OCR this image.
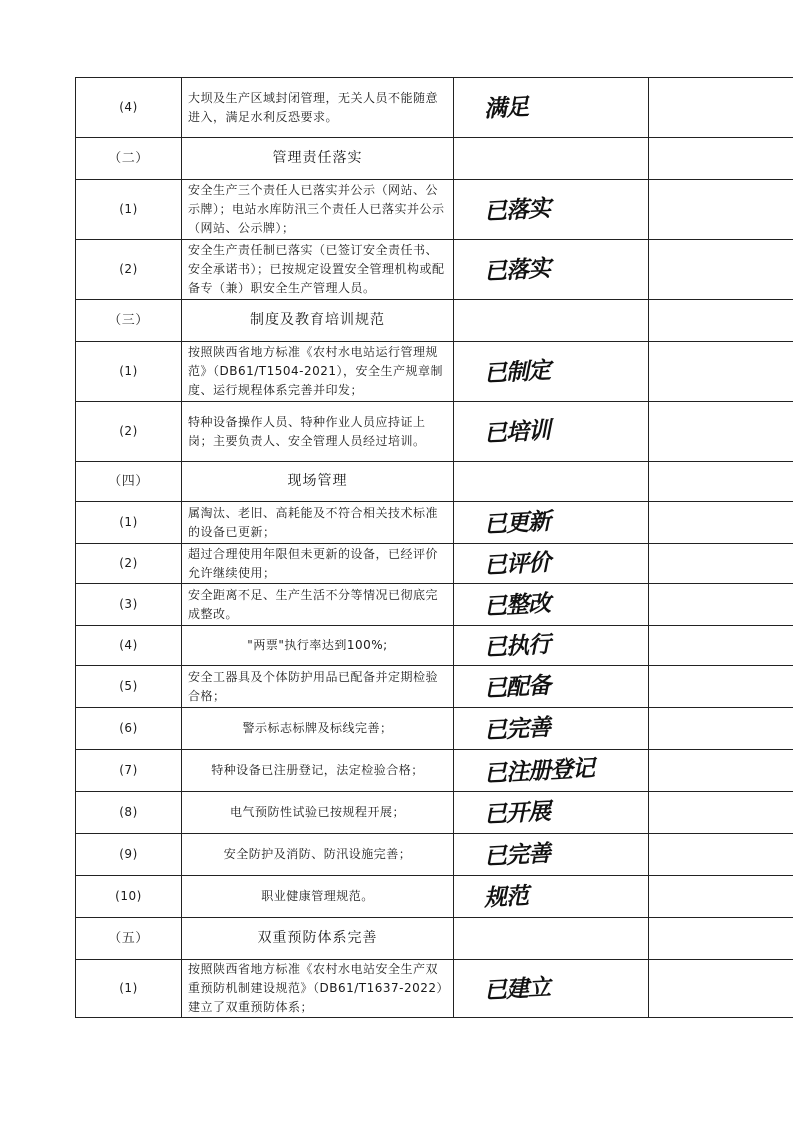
(4)	大坝及生产区域封闭管理，无关人员不能随意进入，满足水利反恐要求。	满足	

（二）	管理责任落实		
(1)	安全生产三个责任人已落实并公示（网站、公示牌）；电站水库防汛三个责任人已落实并公示（网站、公示牌）；	已落实	

(2)	安全生产责任制已落实（已签订安全责任书、安全承诺书）；已按规定设置安全管理机构或配备专（兼）职安全生产管理人员。	已落实	

（三）	制度及教育培训规范		
(1)	按照陕西省地方标准《农村水电站运行管理规范》（DB61/T1504-2021），安全生产规章制度、运行规程体系完善并印发；	已制定	

(2)	特种设备操作人员、特种作业人员应持证上岗；主要负责人、安全管理人员经过培训。	已培训	

（四）	现场管理		
(1)	属淘汰、老旧、高耗能及不符合相关技术标准的设备已更新；	已更新	

(2)	超过合理使用年限但未更新的设备，已经评价允许继续使用；	已评价	

(3)	安全距离不足、生产生活不分等情况已彻底完成整改。	已整改	

(4)	"两票"执行率达到100%;	已执行	

(5)	安全工器具及个体防护用品已配备并定期检验合格；	已配备	

(6)	警示标志标牌及标线完善；	已完善	

(7)	特种设备已注册登记，法定检验合格；	已注册登记	

(8)	电气预防性试验已按规程开展；	已开展	

(9)	安全防护及消防、防汛设施完善；	已完善	

(10)	职业健康管理规范。	规范	

（五）	双重预防体系完善		
(1)	按照陕西省地方标准《农村水电站安全生产双重预防机制建设规范》（DB61/T1637-2022）建立了双重预防体系；	已建立	
